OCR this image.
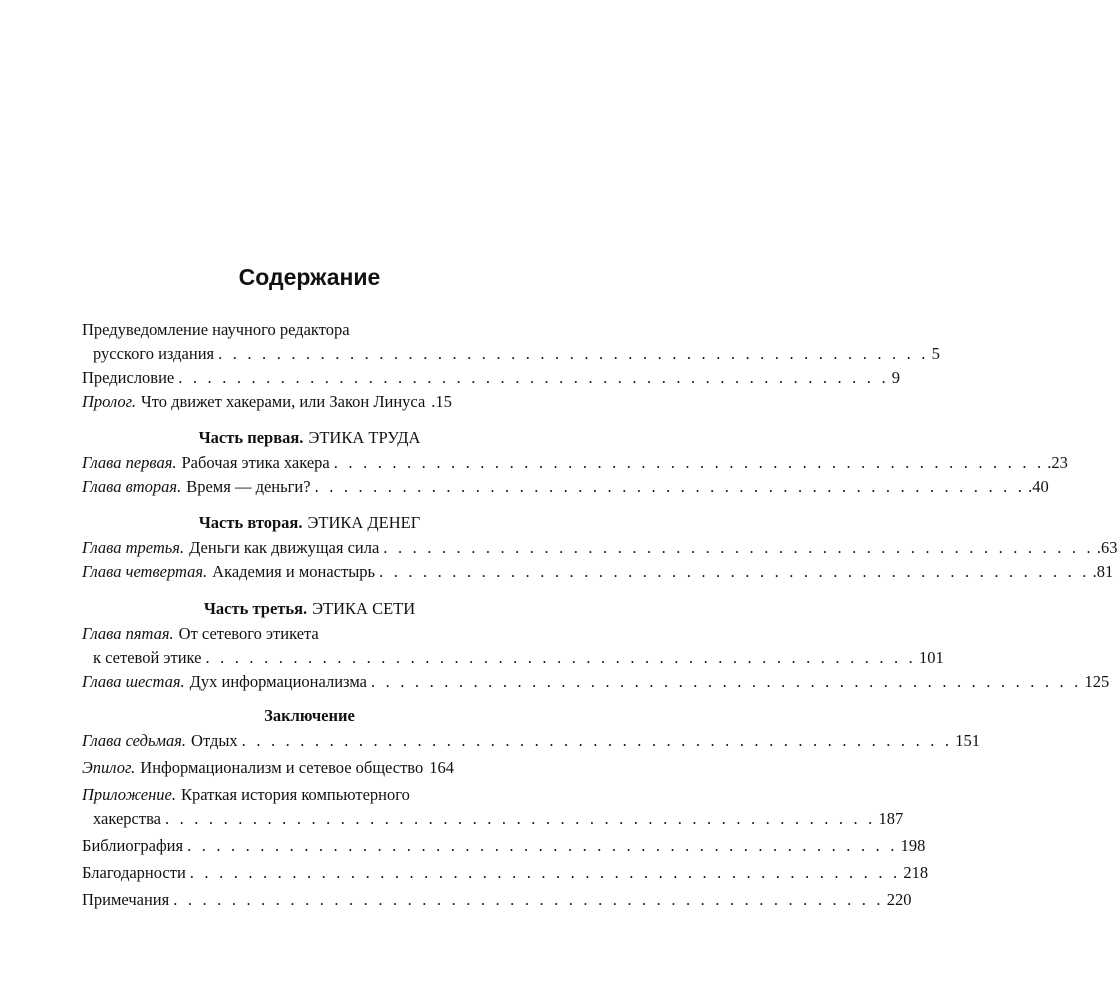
Содержание
Предуведомление научного редактора
русского издания . . . . . . . . . . . . . . . . . . . . . . . . . . . . . . . . . . . . . . . . . . . . . . . . . 5
Предисловие . . . . . . . . . . . . . . . . . . . . . . . . . . . . . . . . . . . . . . . . . . . . . . . . . 9
Пролог. Что движет хакерами, или Закон Линуса .15
Часть первая. ЭТИКА ТРУДА
Глава первая. Рабочая этика хакера . . . . . . . . . . . . . . . . . . . . . . . . . . . . . . . . . . . . . . . . . . . . . . . . . .23
Глава вторая. Время — деньги? . . . . . . . . . . . . . . . . . . . . . . . . . . . . . . . . . . . . . . . . . . . . . . . . . .40
Часть вторая. ЭТИКА ДЕНЕГ
Глава третья. Деньги как движущая сила . . . . . . . . . . . . . . . . . . . . . . . . . . . . . . . . . . . . . . . . . . . . . . . . . .63
Глава четвертая. Академия и монастырь . . . . . . . . . . . . . . . . . . . . . . . . . . . . . . . . . . . . . . . . . . . . . . . . . .81
Часть третья. ЭТИКА СЕТИ
Глава пятая. От сетевого этикета
к сетевой этике . . . . . . . . . . . . . . . . . . . . . . . . . . . . . . . . . . . . . . . . . . . . . . . . . 101
Глава шестая. Дух информационализма . . . . . . . . . . . . . . . . . . . . . . . . . . . . . . . . . . . . . . . . . . . . . . . . . 125
Заключение
Глава седьмая. Отдых . . . . . . . . . . . . . . . . . . . . . . . . . . . . . . . . . . . . . . . . . . . . . . . . . 151
Эпилог. Информационализм и сетевое общество 164
Приложение. Краткая история компьютерного
хакерства . . . . . . . . . . . . . . . . . . . . . . . . . . . . . . . . . . . . . . . . . . . . . . . . . 187
Библиография . . . . . . . . . . . . . . . . . . . . . . . . . . . . . . . . . . . . . . . . . . . . . . . . . 198
Благодарности . . . . . . . . . . . . . . . . . . . . . . . . . . . . . . . . . . . . . . . . . . . . . . . . . 218
Примечания . . . . . . . . . . . . . . . . . . . . . . . . . . . . . . . . . . . . . . . . . . . . . . . . . 220
